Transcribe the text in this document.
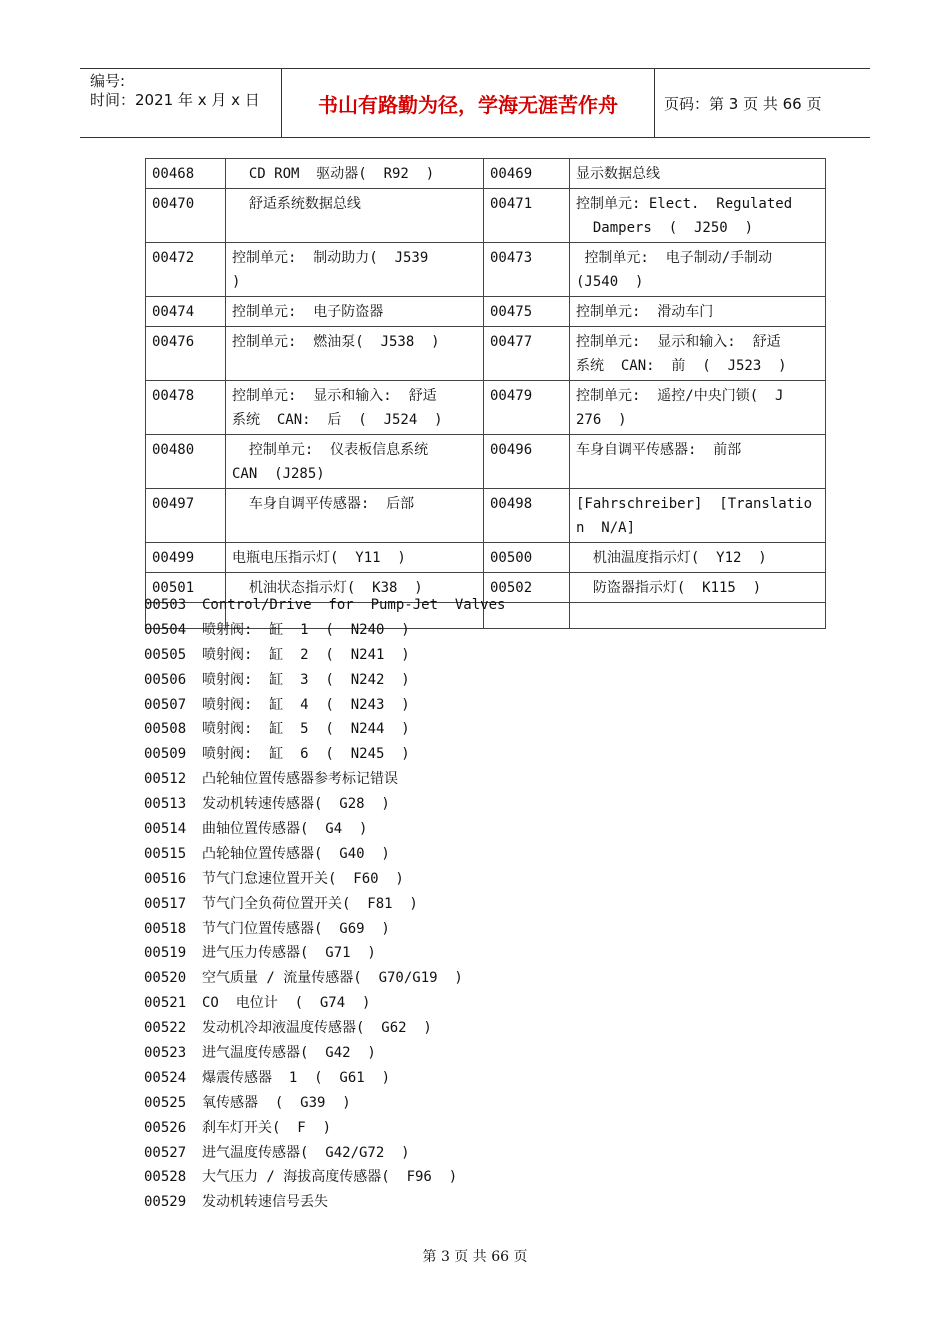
编号:
时间：2021 年 x 月 x 日	书山有路勤为径，学海无涯苦作舟	页码：第 3 页 共 66 页
00468	CD ROM  驱动器(  R92  )	00469	显示数据总线
00470	舒适系统数据总线	00471	控制单元: Elect.  Regulated
Dampers  (  J250  )
00472	控制单元:  制动助力(  J539
)	00473	控制单元:  电子制动/手制动
(J540  )
00474	控制单元:  电子防盗器	00475	控制单元:  滑动车门
00476	控制单元:  燃油泵(  J538  )	00477	控制单元:  显示和输入:  舒适
系统  CAN:  前  (  J523  )
00478	控制单元:  显示和输入:  舒适
系统  CAN:  后  (  J524  )	00479	控制单元:  遥控/中央门锁(  J
276  )
00480	控制单元:  仪表板信息系统
CAN  (J285)	00496	车身自调平传感器:  前部
00497	车身自调平传感器:  后部	00498	[Fahrschreiber]  [Translatio
n  N/A]
00499	电瓶电压指示灯(  Y11  )	00500	机油温度指示灯(  Y12  )
00501	机油状态指示灯(  K38  )	00502	防盗器指示灯(  K115  )

00503 Control/Drive  for  Pump-Jet  Valves
00504 喷射阀:  缸  1  (  N240  )
00505 喷射阀:  缸  2  (  N241  )
00506 喷射阀:  缸  3  (  N242  )
00507 喷射阀:  缸  4  (  N243  )
00508 喷射阀:  缸  5  (  N244  )
00509 喷射阀:  缸  6  (  N245  )
00512 凸轮轴位置传感器参考标记错误
00513 发动机转速传感器(  G28  )
00514 曲轴位置传感器(  G4  )
00515 凸轮轴位置传感器(  G40  )
00516 节气门怠速位置开关(  F60  )
00517 节气门全负荷位置开关(  F81  )
00518 节气门位置传感器(  G69  )
00519 进气压力传感器(  G71  )
00520 空气质量 / 流量传感器(  G70/G19  )
00521 CO  电位计  (  G74  )
00522 发动机冷却液温度传感器(  G62  )
00523 进气温度传感器(  G42  )
00524 爆震传感器  1  (  G61  )
00525 氧传感器  (  G39  )
00526 刹车灯开关(  F  )
00527 进气温度传感器(  G42/G72  )
00528 大气压力 / 海拔高度传感器(  F96  )
00529 发动机转速信号丢失
第 3 页 共 66 页
